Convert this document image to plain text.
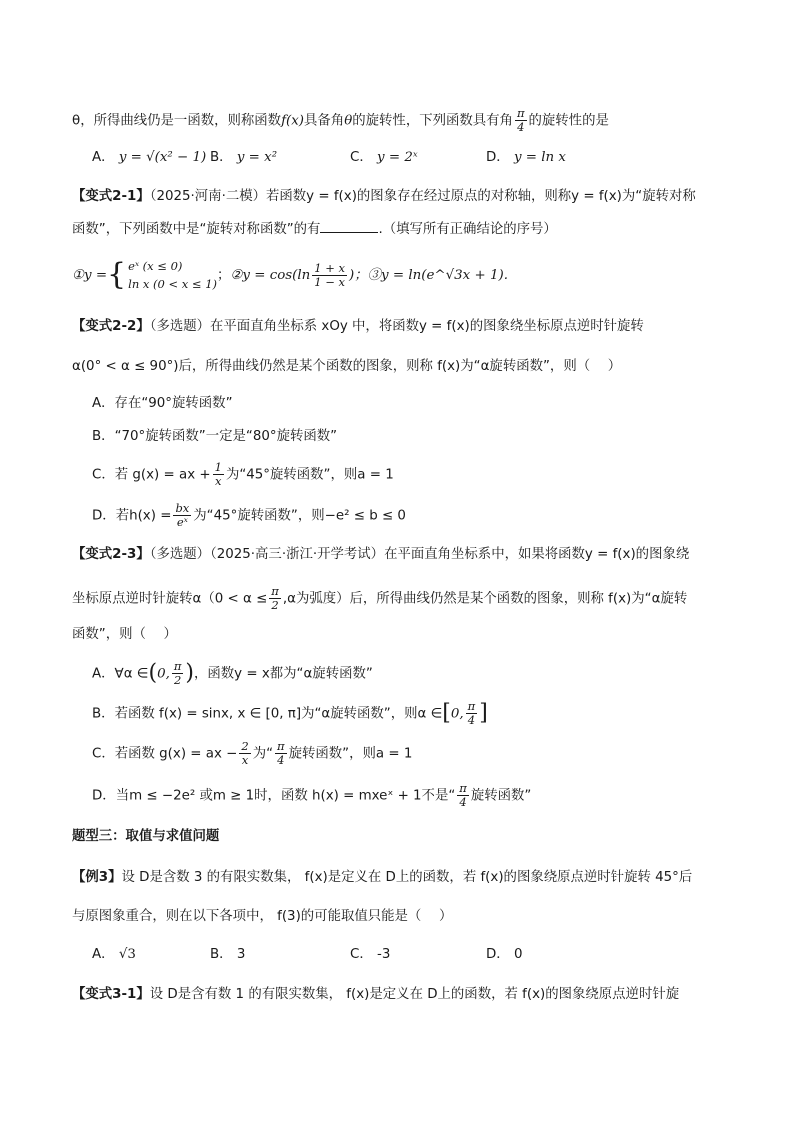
θ，所得曲线仍是一函数，则称函数f(x)具备角θ的旋转性，下列函数具有角 $\frac{\pi}{4}$ 的旋转性的是
A． y = √(x² − 1) B． y = x²	C． y = 2ˣ	D． y = ln x
【变式2-1】（2025·河南·二模）若函数y = f(x)的图象存在经过原点的对称轴，则称y = f(x)为“旋转对称
函数”，下列函数中是“旋转对称函数”的有	.（填写所有正确结论的序号）
①y ={ eˣ (x ≤ 0)
ln x (0 < x ≤ 1)
；②y = $\cos(\ln \frac{1 + x}{1 - x}$ )；③y = ln(e^√3x + 1).
【变式2-2】（多选题）在平面直角坐标系 xOy 中，将函数y = f(x)的图象绕坐标原点逆时针旋转
α(0° < α ≤ 90°)后，所得曲线仍然是某个函数的图象，则称 f(x)为“α旋转函数”，则（　 ）
A．存在“90°旋转函数”
B．“70°旋转函数”一定是“80°旋转函数”
C．若 g(x) = ax + $\frac{1}{x}$ 为“45°旋转函数”，则a = 1
D．若$h(x) = \frac{bx}{\text{eˣ}}$ 为“45°旋转函数”，则−e² ≤ b ≤ 0
【变式2-3】（多选题）（2025·高三·浙江·开学考试）在平面直角坐标系中，如果将函数y = f(x)的图象绕
坐标原点逆时针旋转$\alpha(0 < \alpha \le \frac{\pi}{2} ,\alpha$为弧度）后，所得曲线仍然是某个函数的图象，则称 f(x)为“α旋转
函数”，则（　 ）
A．∀α ∈(0, $\frac{\pi}{2}$ )，函数y = x都为“α旋转函数”
B．若函数 f(x) = sinx, x ∈ [0, π]为“α旋转函数”，则α ∈[0, $\frac{\pi}{4}$ ]
C．若函数 g(x) = ax − $\frac{2}{x}$ 为“ $\frac{\pi}{4}$ 旋转函数”，则a = 1
D．当m ≤ −2e² 或m ≥ 1时，函数 h(x) = mxeˣ + 1不是“ $\frac{\pi}{4}$ 旋转函数”
题型三：取值与求值问题
【例3】设 D是含数 3 的有限实数集， f(x)是定义在 D上的函数，若 f(x)的图象绕原点逆时针旋转 45°后
与原图象重合，则在以下各项中， f(3)的可能取值只能是（　 ）
A． √3	B． 3	C． -3	D． 0
【变式3-1】设 D是含有数 1 的有限实数集， f(x)是定义在 D上的函数，若 f(x)的图象绕原点逆时针旋
